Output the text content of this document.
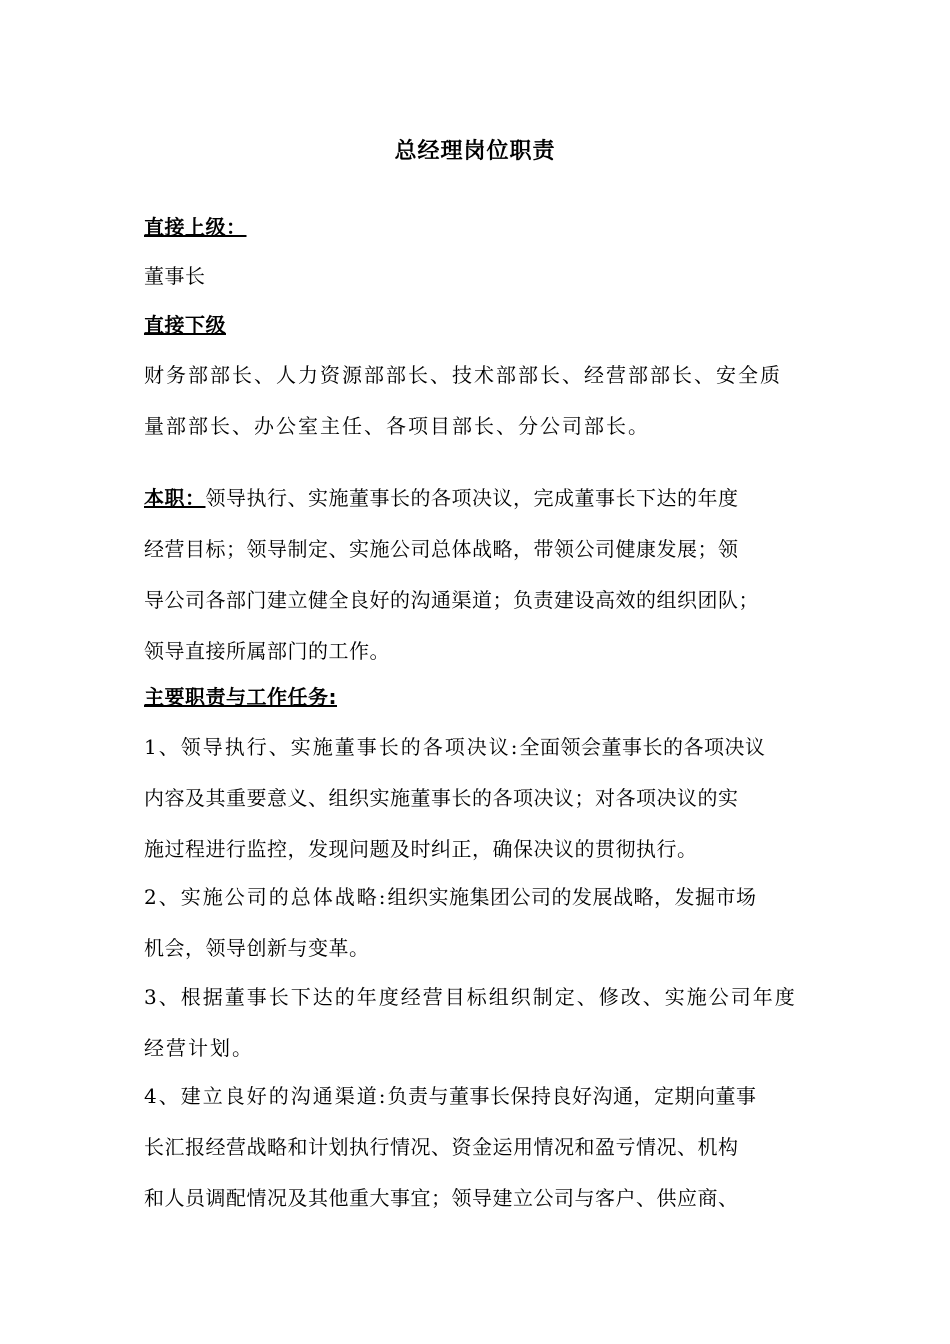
总经理岗位职责
直接上级：
董事长
直接下级
财务部部长、人力资源部部长、技术部部长、经营部部长、安全质
量部部长、办公室主任、各项目部长、分公司部长。
本职：领导执行、实施董事长的各项决议，完成董事长下达的年度
经营目标；领导制定、实施公司总体战略，带领公司健康发展；领
导公司各部门建立健全良好的沟通渠道；负责建设高效的组织团队；
领导直接所属部门的工作。
主要职责与工作任务:
1、领导执行、实施董事长的各项决议:全面领会董事长的各项决议
内容及其重要意义、组织实施董事长的各项决议；对各项决议的实
施过程进行监控，发现问题及时纠正，确保决议的贯彻执行。
2、实施公司的总体战略:组织实施集团公司的发展战略，发掘市场
机会，领导创新与变革。
3、根据董事长下达的年度经营目标组织制定、修改、实施公司年度
经营计划。
4、建立良好的沟通渠道:负责与董事长保持良好沟通，定期向董事
长汇报经营战略和计划执行情况、资金运用情况和盈亏情况、机构
和人员调配情况及其他重大事宜；领导建立公司与客户、供应商、
